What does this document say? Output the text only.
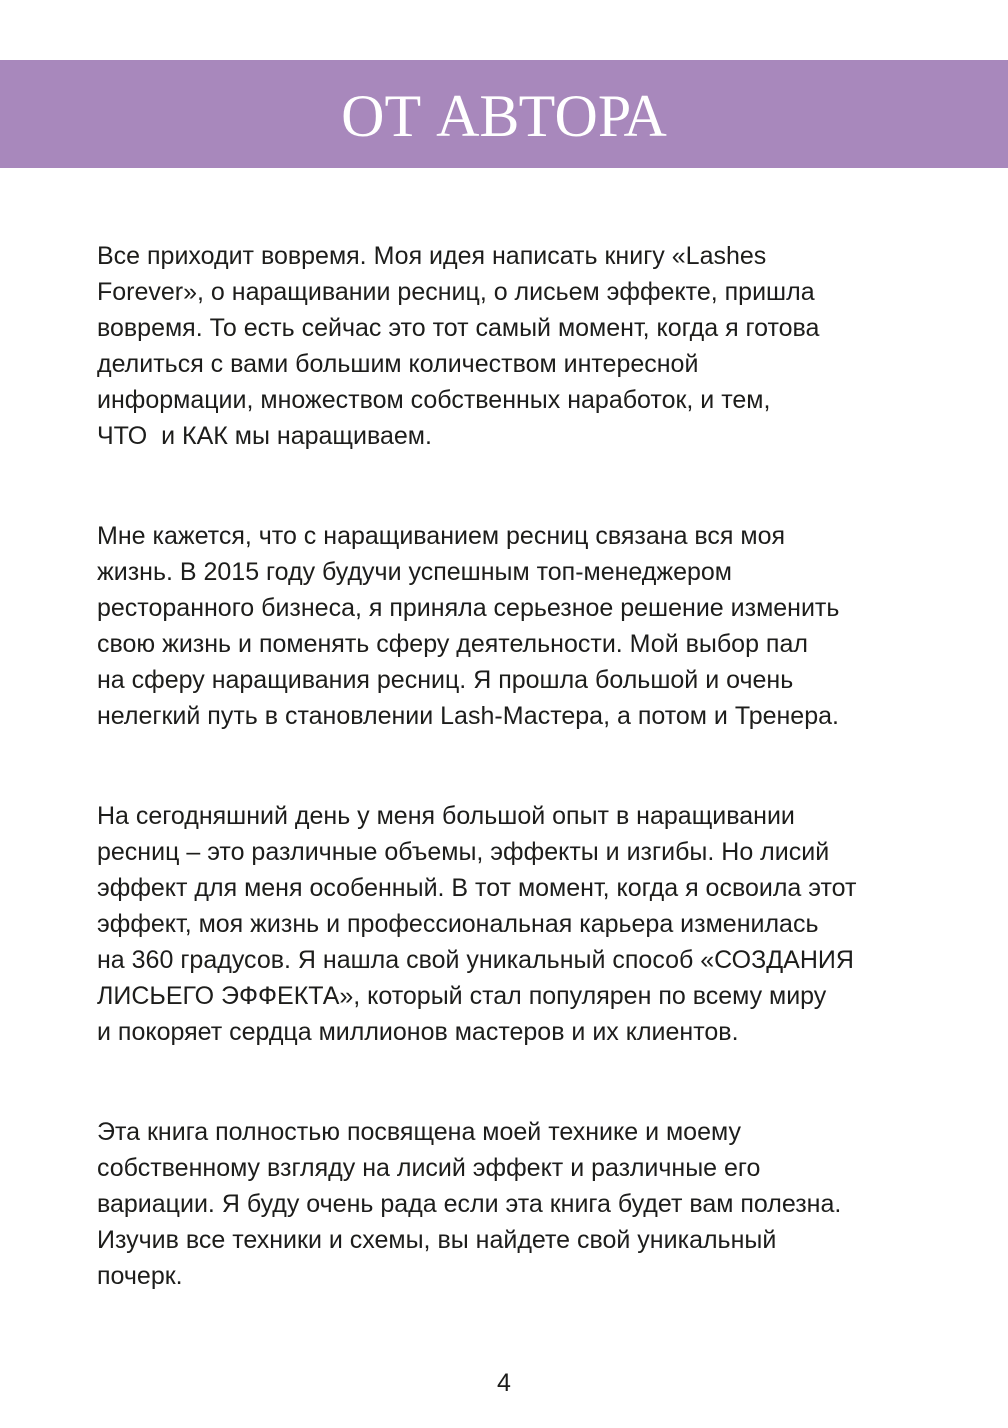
ОТ АВТОРА

Все приходит вовремя. Моя идея написать книгу «Lashes
Forever», о наращивании ресниц, о лисьем эффекте, пришла
вовремя. То есть сейчас это тот самый момент, когда я готова
делиться с вами большим количеством интересной
информации, множеством собственных наработок, и тем,
ЧТО  и КАК мы наращиваем.

Мне кажется, что с наращиванием ресниц связана вся моя
жизнь. В 2015 году будучи успешным топ-менеджером
ресторанного бизнеса, я приняла серьезное решение изменить
свою жизнь и поменять сферу деятельности. Мой выбор пал
на сферу наращивания ресниц. Я прошла большой и очень
нелегкий путь в становлении Lash-Мастера, а потом и Тренера.

На сегодняшний день у меня большой опыт в наращивании
ресниц – это различные объемы, эффекты и изгибы. Но лисий
эффект для меня особенный. В тот момент, когда я освоила этот
эффект, моя жизнь и профессиональная карьера изменилась
на 360 градусов. Я нашла свой уникальный способ «СОЗДАНИЯ
ЛИСЬЕГО ЭФФЕКТА», который стал популярен по всему миру
и покоряет сердца миллионов мастеров и их клиентов.

Эта книга полностью посвящена моей технике и моему
собственному взгляду на лисий эффект и различные его
вариации. Я буду очень рада если эта книга будет вам полезна.
Изучив все техники и схемы, вы найдете свой уникальный
почерк.

4
